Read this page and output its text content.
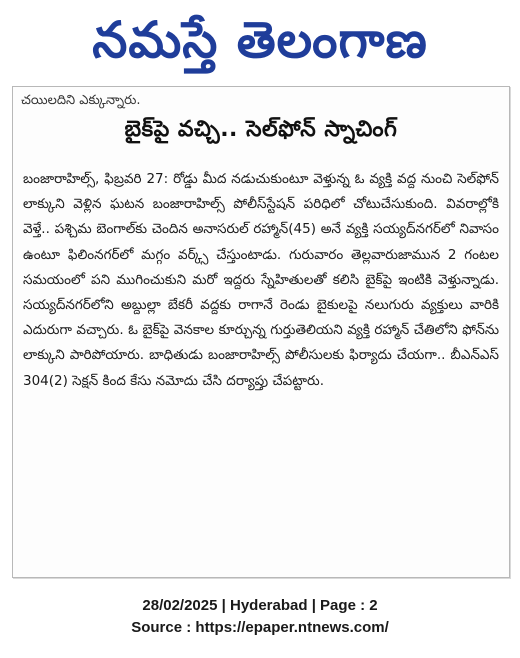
నమస్తే తెలంగాణ
చయిలదిని ఎక్కున్నారు.
బైక్‌పై వచ్చి.. సెల్‌ఫోన్‌ స్నాచింగ్‌

బంజారాహిల్స్‌, ఫిబ్రవరి 27: రోడ్డు మీద నడుచుకుంటూ వెళ్తున్న ఓ వ్యక్తి వద్ద నుంచి సెల్‌ఫోన్‌ లాక్కుని వెళ్లిన ఘటన బంజారాహిల్స్‌ పోలీస్‌స్టేషన్‌ పరిధిలో చోటుచేసుకుంది. వివరాల్లోకి వెళ్తే.. పశ్చిమ బెంగాల్‌కు చెందిన అనాసరుల్‌ రహ్మాన్‌(45) అనే వ్యక్తి సయ్యద్‌నగర్‌లో నివాసం ఉంటూ ఫిలింనగర్‌లో మగ్గం వర్క్స్‌ చేస్తుంటాడు. గురువారం తెల్లవారుజామున 2 గంటల సమయంలో పని ముగించుకుని మరో ఇద్దరు స్నేహితులతో కలిసి బైక్‌పై ఇంటికి వెళ్తున్నాడు. సయ్యద్‌నగర్‌లోని అబ్దుల్లా బేకరీ వద్దకు రాగానే రెండు బైకులపై నలుగురు వ్యక్తులు వారికి ఎదురుగా వచ్చారు. ఓ బైక్‌పై వెనకాల కూర్చున్న గుర్తుతెలియని వ్యక్తి రహ్మాన్‌ చేతిలోని ఫోన్‌ను లాక్కుని పారిపోయారు. బాధితుడు బంజారాహిల్స్‌ పోలీసులకు ఫిర్యాదు చేయగా.. బీఎన్‌ఎస్‌ 304(2) సెక్షన్‌ కింద కేసు నమోదు చేసి దర్యాప్తు చేపట్టారు.

28/02/2025 | Hyderabad | Page : 2
Source : https://epaper.ntnews.com/
